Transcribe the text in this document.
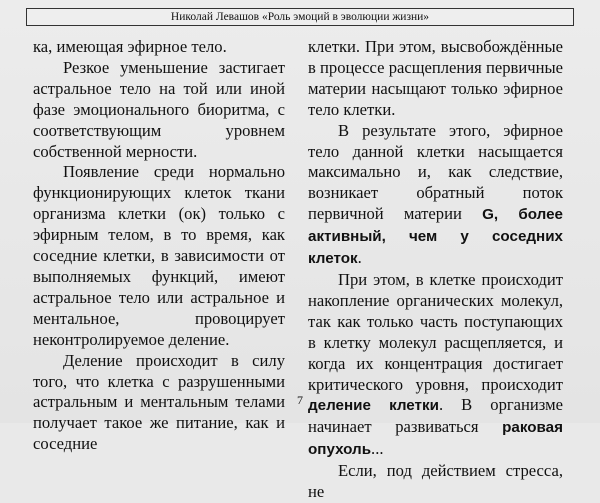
Николай Левашов «Роль эмоций в эволюции жизни»

ка, имеющая эфирное тело.

Резкое уменьшение застигает астральное тело на той или иной фазе эмоционального биоритма, с соответствующим уровнем собственной мерности.

Появление среди нормально функционирующих клеток ткани организма клетки (ок) только с эфирным телом, в то время, как соседние клетки, в зависимости от выполняемых функций, имеют астральное тело или астральное и ментальное, провоцирует неконтролируемое деление.

Деление происходит в силу того, что клетка с разрушенными астральным и ментальным телами получает такое же питание, как и соседние

клетки. При этом, высвобождённые в процессе расщепления первичные материи насыщают только эфирное тело клетки.

В результате этого, эфирное тело данной клетки насыщается максимально и, как следствие, возникает обратный поток первичной материи G, более активный, чем у соседних клеток.

При этом, в клетке происходит накопление органических молекул, так как только часть поступающих в клетку молекул расщепляется, и когда их концентрация достигает критического уровня, происходит деление клетки. В организме начинает развиваться раковая опухоль...

Если, под действием стресса, не

7
